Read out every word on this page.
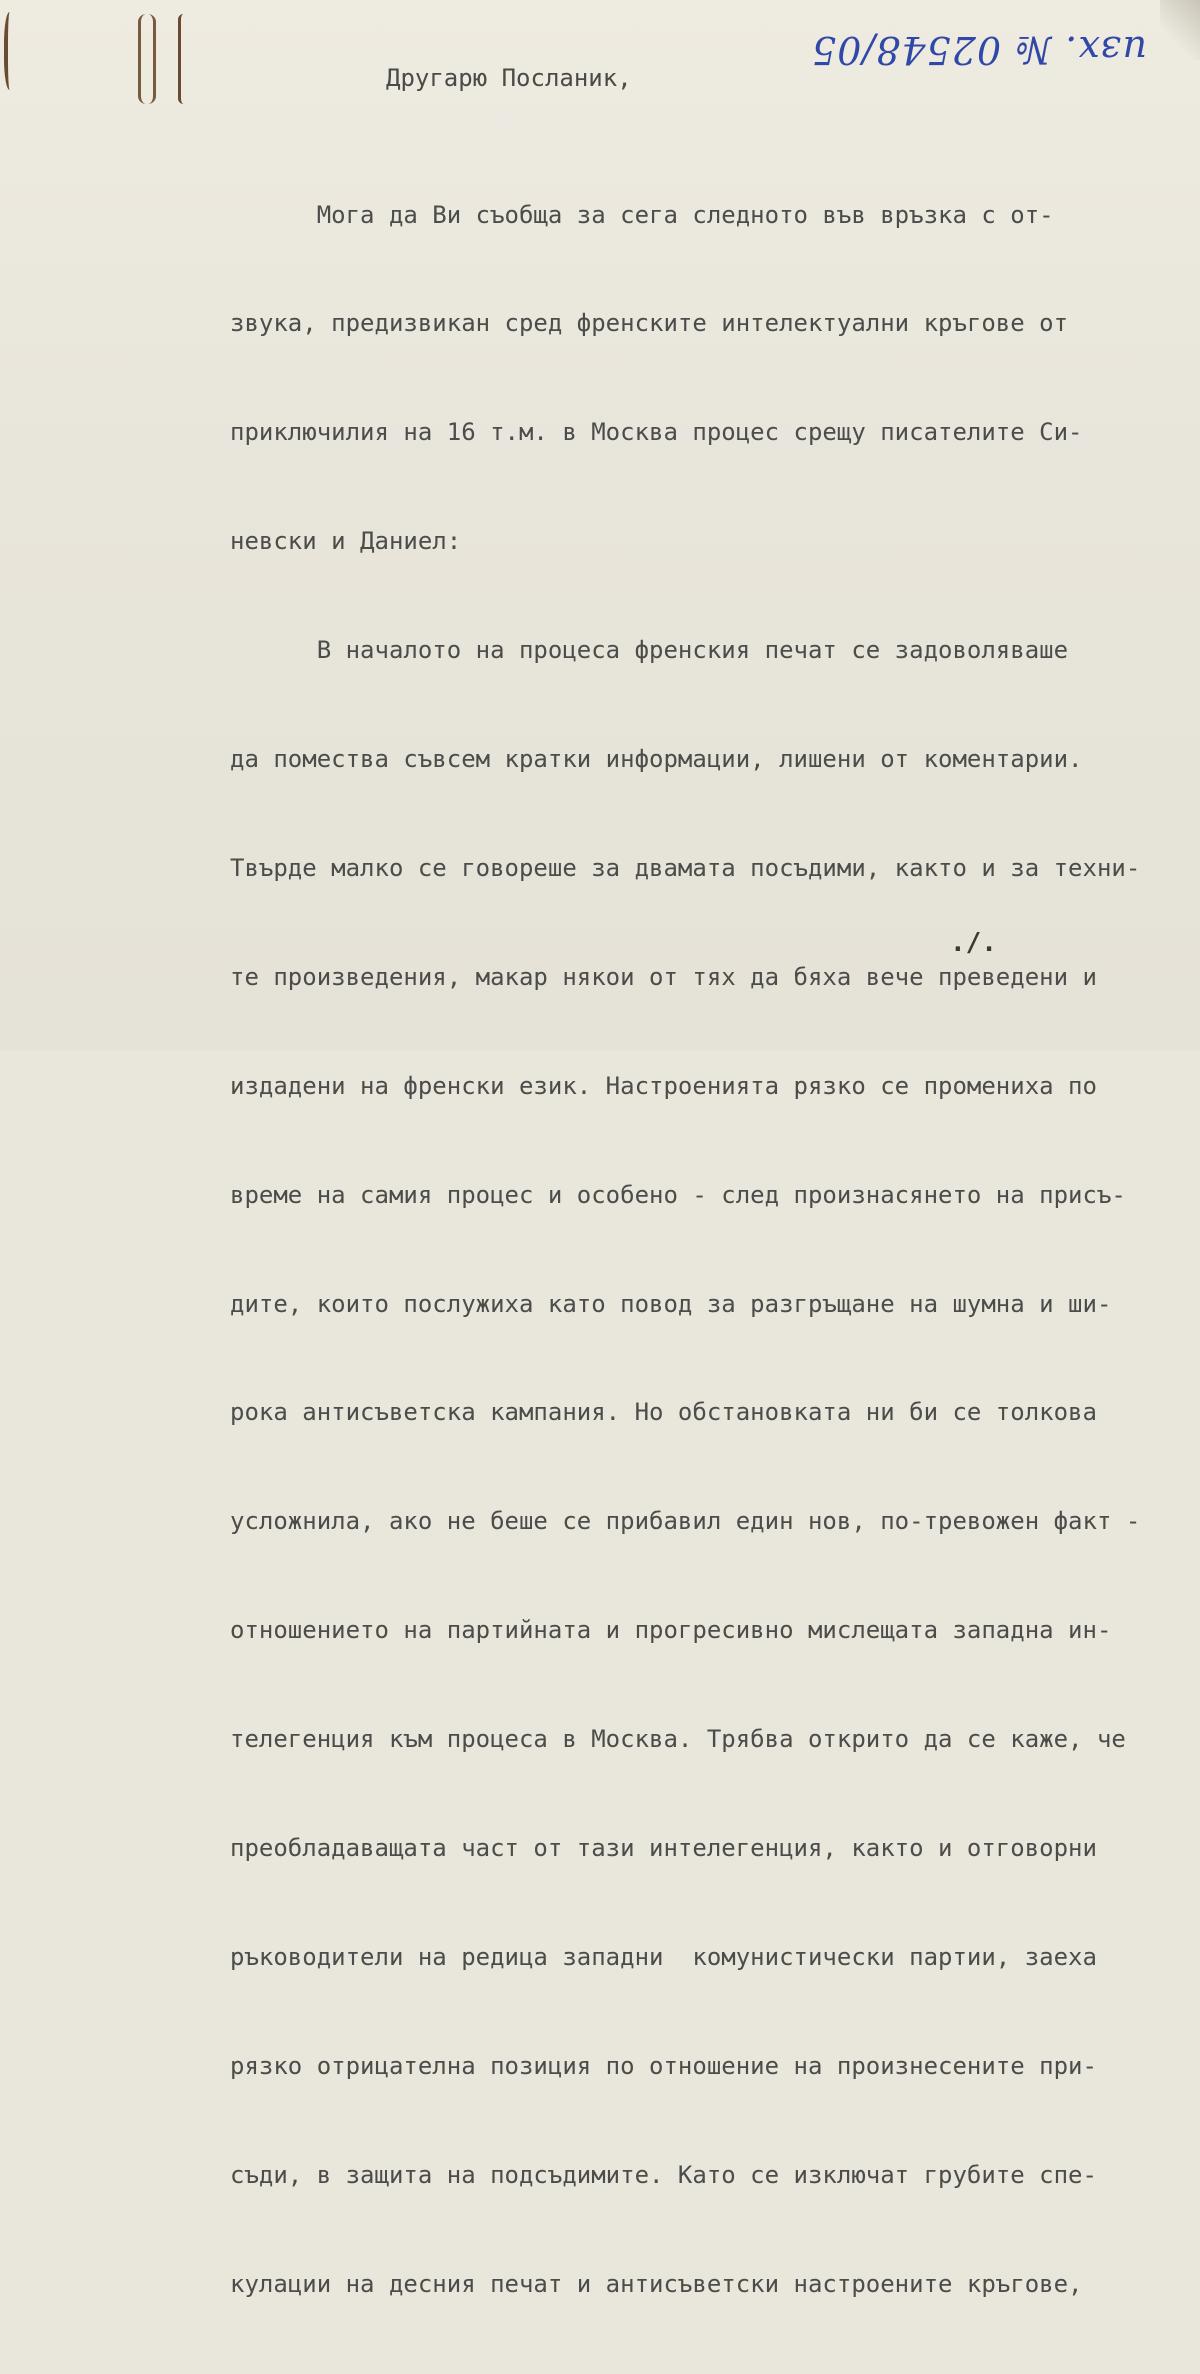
изх. № 02548/05
Другарю Посланик,

Мога да Ви съобща за сега следното във връзка с от-

звука, предизвикан сред френските интелектуални кръгове от

приключилия на 16 т.м. в Москва процес срещу писателите Си-

невски и Даниел:

В началото на процеса френския печат се задоволяваше

да помества съвсем кратки информации, лишени от коментарии.

Твърде малко се говореше за двамата посъдими, както и за техни-

те произведения, макар някои от тях да бяха вече преведени и

издадени на френски език. Настроенията рязко се промениха по

време на самия процес и особено - след произнасянето на присъ-

дите, които послужиха като повод за разгръщане на шумна и ши-

рока антисъветска кампания. Но обстановката ни би се толкова

усложнила, ако не беше се прибавил един нов, по-тревожен факт -

отношението на партийната и прогресивно мислещата западна ин-

телегенция към процеса в Москва. Трябва открито да се каже, че

преобладаващата част от тази интелегенция, както и отговорни

ръководители на редица западни  комунистически партии, заеха

рязко отрицателна позиция по отношение на произнесените при-

съди, в защита на подсъдимите. Като се изключат грубите спе-

кулации на десния печат и антисъветски настроените кръгове,

./.
